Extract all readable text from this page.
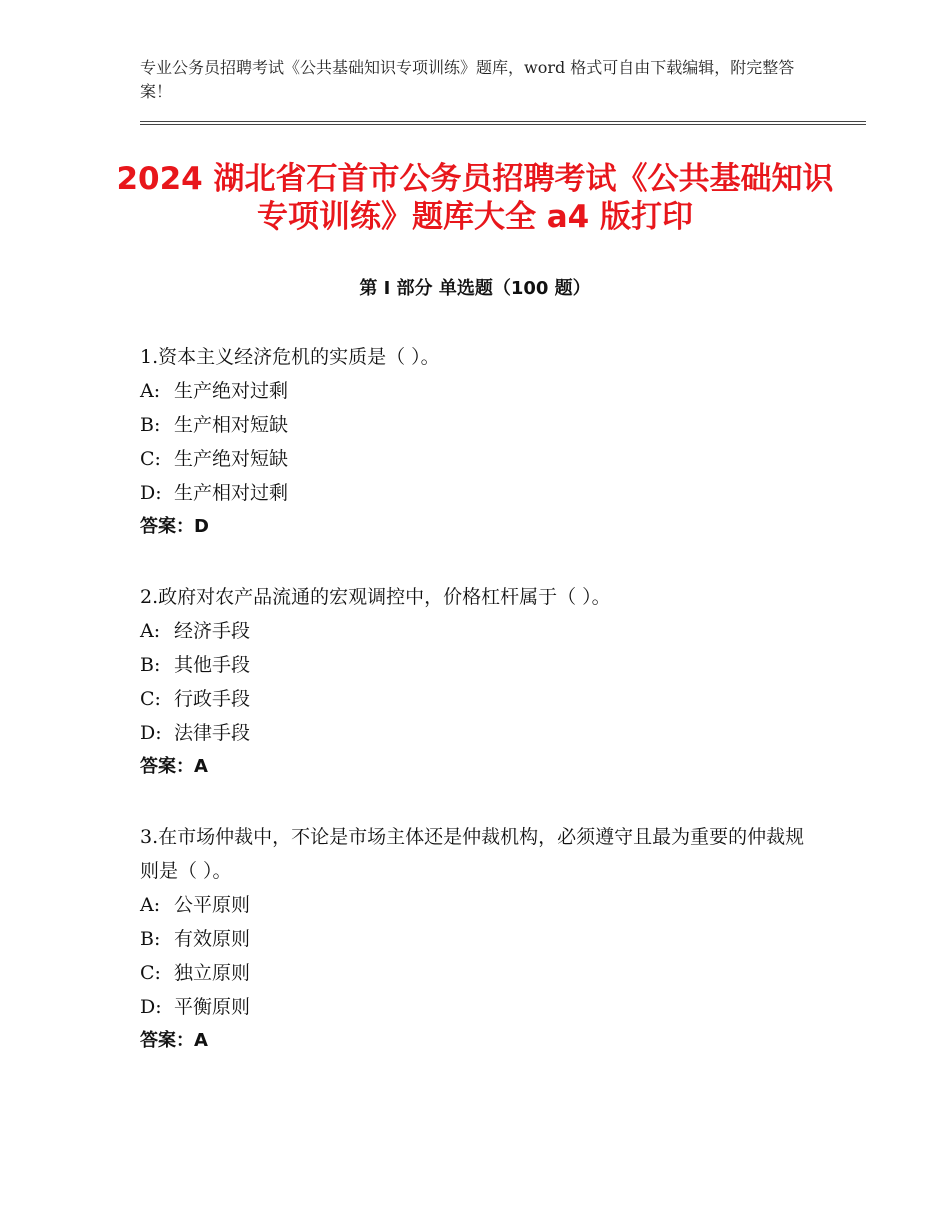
专业公务员招聘考试《公共基础知识专项训练》题库，word 格式可自由下载编辑，附完整答案！
2024 湖北省石首市公务员招聘考试《公共基础知识专项训练》题库大全 a4 版打印
第 I 部分 单选题（100 题）
1.资本主义经济危机的实质是（ ）。
A: 生产绝对过剩
B: 生产相对短缺
C: 生产绝对短缺
D: 生产相对过剩
答案：D
2.政府对农产品流通的宏观调控中，价格杠杆属于（ ）。
A: 经济手段
B: 其他手段
C: 行政手段
D: 法律手段
答案：A
3.在市场仲裁中，不论是市场主体还是仲裁机构，必须遵守且最为重要的仲裁规则是（ ）。
A: 公平原则
B: 有效原则
C: 独立原则
D: 平衡原则
答案：A
